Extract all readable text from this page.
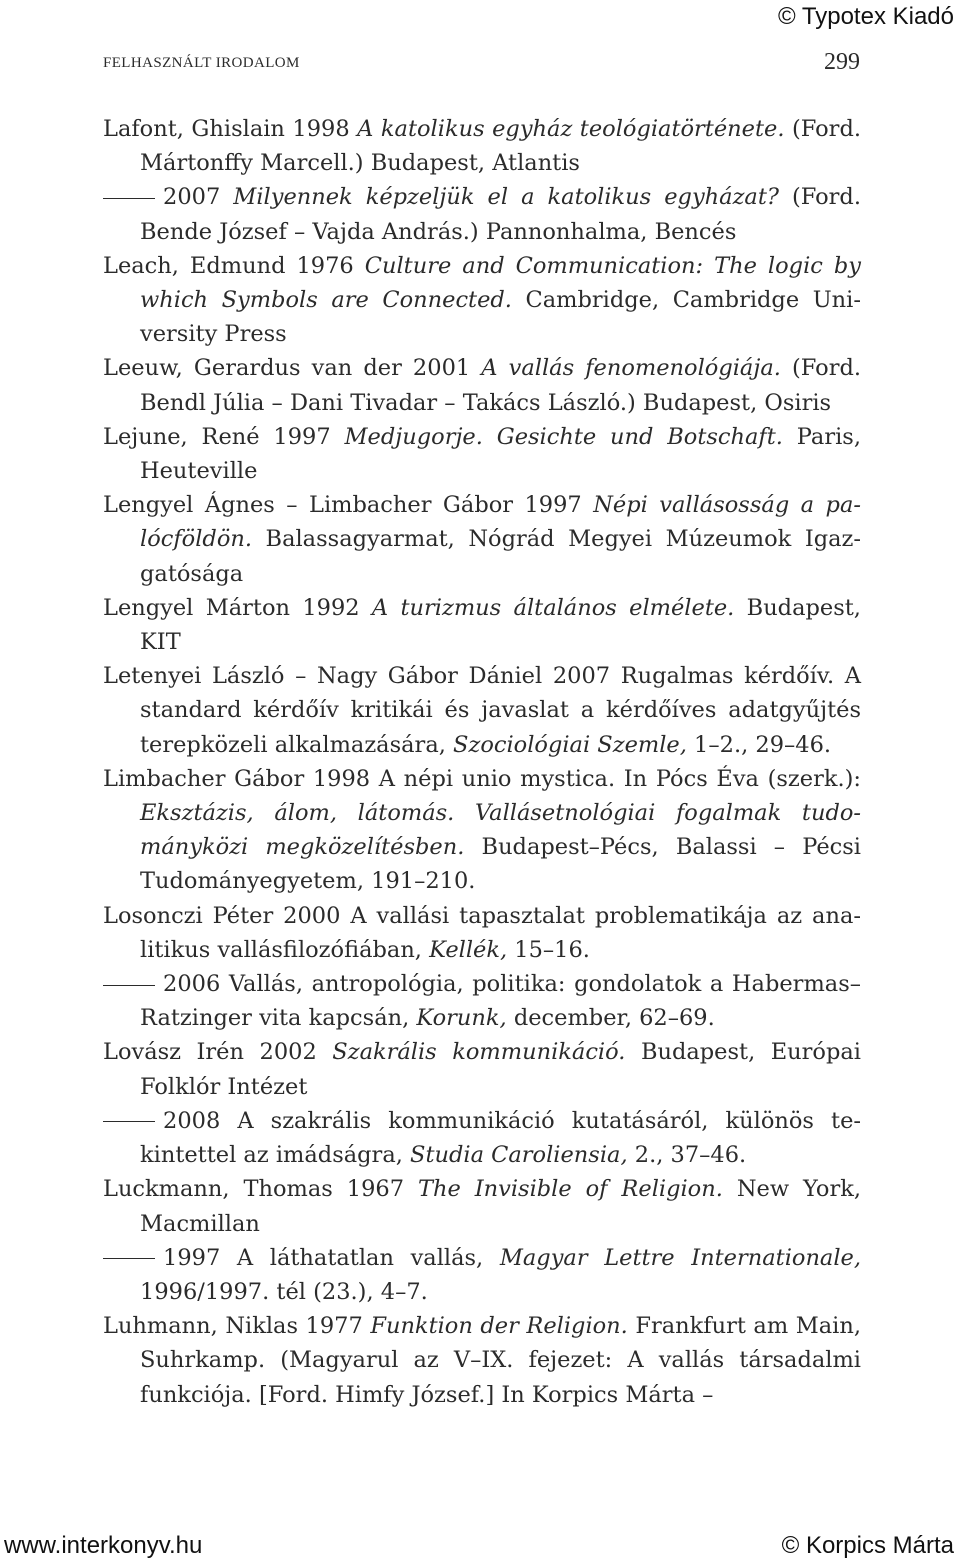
© Typotex Kiadó
FELHASZNÁLT IRODALOM	299

Lafont, Ghislain 1998 A katolikus egyház teológiatörténete. (Ford. Mártonffy Marcell.) Budapest, Atlantis

2007 Milyennek képzeljük el a katolikus egyházat? (Ford. Bende József – Vajda András.) Pannonhalma, Bencés

Leach, Edmund 1976 Culture and Communication: The logic by which Symbols are Connected. Cambridge, Cambridge University Press

Leeuw, Gerardus van der 2001 A vallás fenomenológiája. (Ford. Bendl Júlia – Dani Tivadar – Takács László.) Budapest, Osiris

Lejune, René 1997 Medjugorje. Gesichte und Botschaft. Paris, Heuteville

Lengyel Ágnes – Limbacher Gábor 1997 Népi vallásosság a palócföldön. Balassagyarmat, Nógrád Megyei Múzeumok Igazgatósága

Lengyel Márton 1992 A turizmus általános elmélete. Budapest, KIT

Letenyei László – Nagy Gábor Dániel 2007 Rugalmas kérdőív. A standard kérdőív kritikái és javaslat a kérdőíves adatgyűjtés terepközeli alkalmazására, Szociológiai Szemle, 1–2., 29–46.

Limbacher Gábor 1998 A népi unio mystica. In Pócs Éva (szerk.): Eksztázis, álom, látomás. Vallásetnológiai fogalmak tudományközi megközelítésben. Budapest–Pécs, Balassi – Pécsi Tudományegyetem, 191–210.

Losonczi Péter 2000 A vallási tapasztalat problematikája az analitikus vallásfilozófiában, Kellék, 15–16.

2006 Vallás, antropológia, politika: gondolatok a Habermas–Ratzinger vita kapcsán, Korunk, december, 62–69.

Lovász Irén 2002 Szakrális kommunikáció. Budapest, Európai Folklór Intézet

2008 A szakrális kommunikáció kutatásáról, különös tekintettel az imádságra, Studia Caroliensia, 2., 37–46.

Luckmann, Thomas 1967 The Invisible of Religion. New York, Macmillan

1997 A láthatatlan vallás, Magyar Lettre Internationale, 1996/1997. tél (23.), 4–7.

Luhmann, Niklas 1977 Funktion der Religion. Frankfurt am Main, Suhrkamp. (Magyarul az V–IX. fejezet: A vallás társadalmi funkciója. [Ford. Himfy József.] In Korpics Márta –

www.interkonyv.hu	© Korpics Márta
